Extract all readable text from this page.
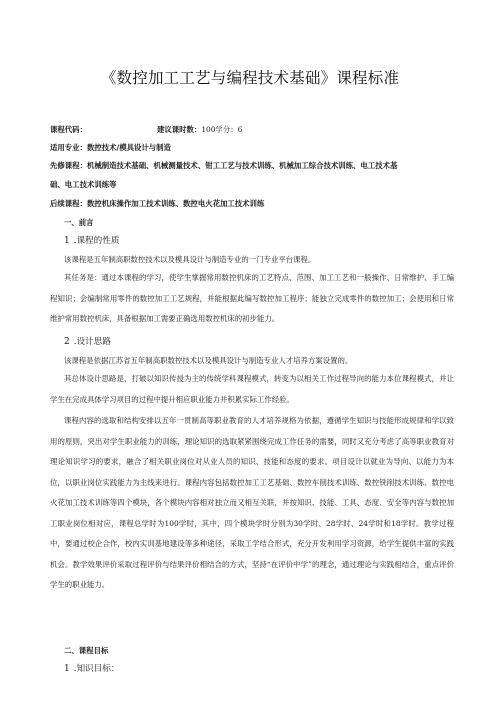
《数控加工工艺与编程技术基础》课程标准
课程代码：	建议课时数：100学分：6
适用专业：数控技术/模具设计与制造
先修课程：机械制造技术基础、机械测量技术、钳工工艺与技术训练、机械加工综合技术训练、电工技术基
础、电工技术训练等
后续课程：数控机床操作加工技术训练、数控电火花加工技术训练
一、前言
1 .课程的性质
该课程是五年制高职数控技术以及模具设计与制造专业的一门专业平台课程。
其任务是：通过本课程的学习，使学生掌握常用数控机床的工艺特点、范围、加工工艺和一般操作、日常维护、手工编程知识；会编制常用零件的数控加工工艺规程，并能根据此编写数控加工程序；能独立完成零件的数控加工；会使用和日常维护常用数控机床，具备根据加工需要正确选用数控机床的初步能力。
2 .设计思路
该课程是依据江苏省五年制高职数控技术以及模具设计与制造专业人才培养方案设置的。
其总体设计思路是，打破以知识传授为主的传统学科课程模式，转变为以相关工作过程导向的能力本位课程模式，并让学生在完成具体学习项目的过程中提升相应职业能力并积累实际工作经验。
课程内容的选取和结构安排以五年一贯制高等职业教育的人才培养规格为依据，遵循学生知识与技能形成规律和学以致用的原则，突出对学生职业能力的训练，理论知识的选取紧紧围绕完成工作任务的需要，同时又充分考虑了高等职业教育对理论知识学习的要求，融合了相关职业岗位对从业人员的知识、技能和态度的要求。项目设计以就业为导向、以能力为本位，以职业岗位实践能力为主线来进行。课程内容包括数控加工工艺基础、数控车削技术训练、数控铣削技术训练、数控电火花加工技术训练等四个模块，各个模块内容相对独立而又相互关联，并按知识、技能、工具、态度、安全等内容与数控加工职业岗位相对应，课程总学时为100学时，其中，四个模块学时分别为30学时、28学时、24学时和18学时。教学过程中，要通过校企合作，校内实训基地建设等多种途径，采取工学结合形式，充分开发利用学习资源，给学生提供丰富的实践机会。教学效果评价采取过程评价与结果评价相结合的方式，坚持“在评价中学”的理念，通过理论与实践相结合，重点评价学生的职业能力。
二、课程目标
1 .知识目标：
